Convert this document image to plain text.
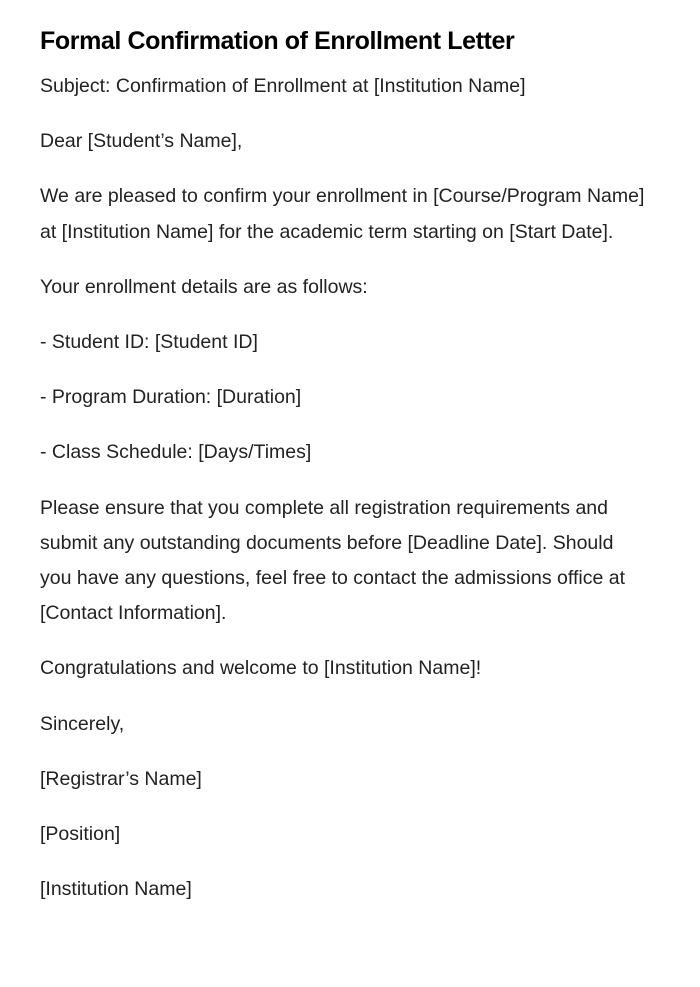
Formal Confirmation of Enrollment Letter

Subject: Confirmation of Enrollment at [Institution Name]

Dear [Student’s Name],

We are pleased to confirm your enrollment in [Course/Program Name] at [Institution Name] for the academic term starting on [Start Date].

Your enrollment details are as follows:

- Student ID: [Student ID]

- Program Duration: [Duration]

- Class Schedule: [Days/Times]

Please ensure that you complete all registration requirements and submit any outstanding documents before [Deadline Date]. Should you have any questions, feel free to contact the admissions office at [Contact Information].

Congratulations and welcome to [Institution Name]!

Sincerely,

[Registrar’s Name]

[Position]

[Institution Name]
